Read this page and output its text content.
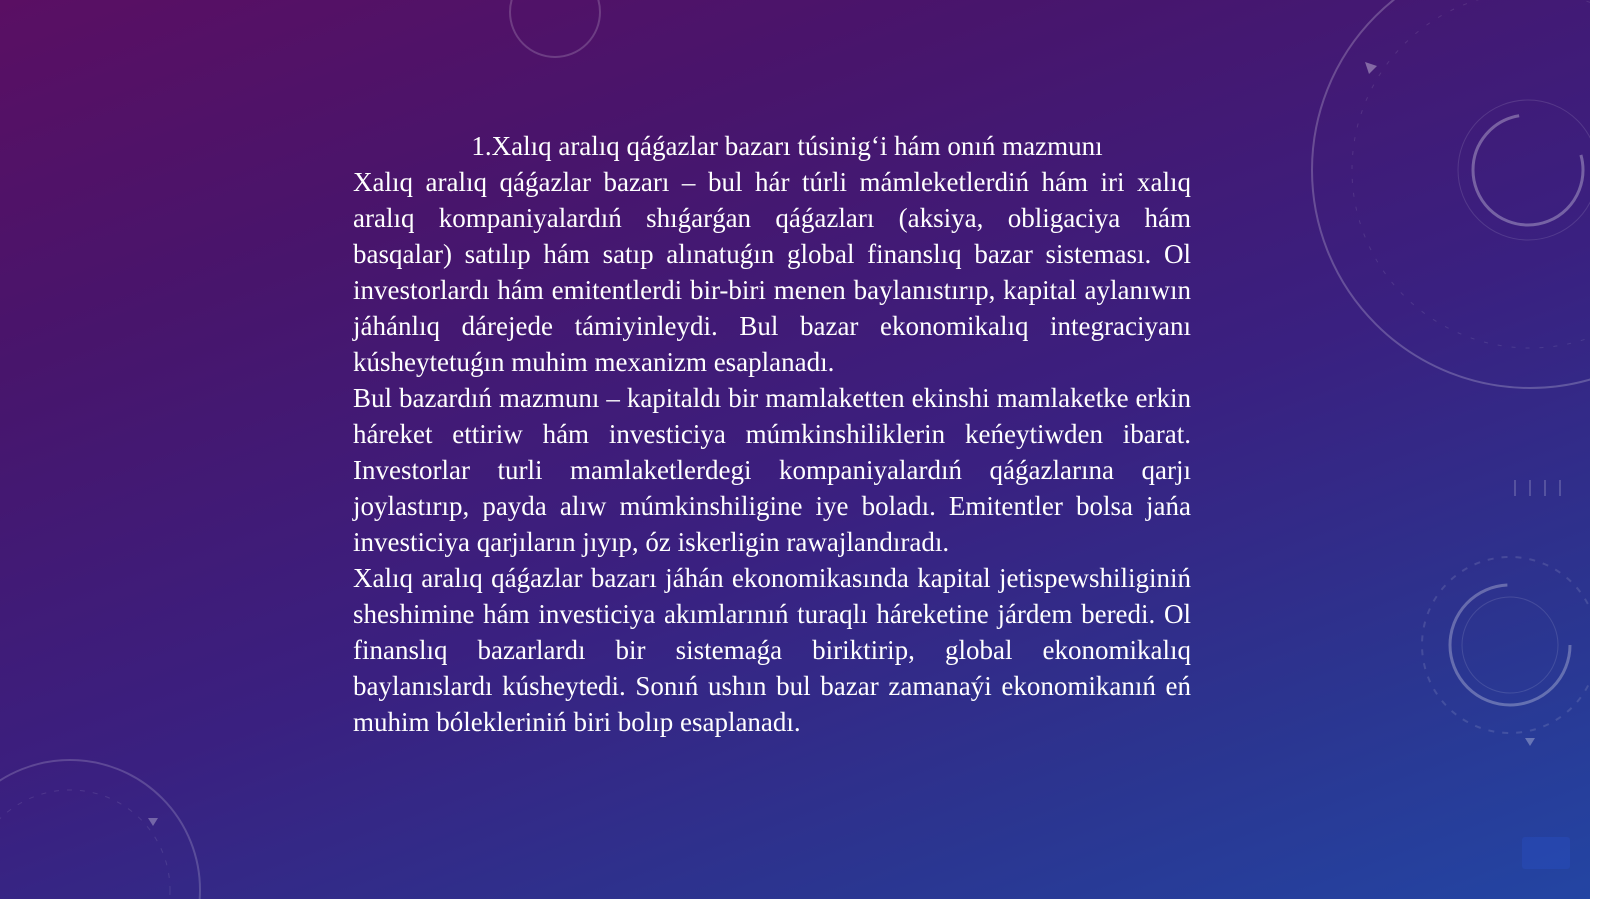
1.Xalıq aralıq qáǵazlar bazarı túsinig‘i hám onıń mazmunı

Xalıq aralıq qáǵazlar bazarı – bul hár túrli mámleketlerdiń hám iri xalıq aralıq kompaniyalardıń shıǵarǵan qáǵazları (aksiya, obligaciya hám basqalar) satılıp hám satıp alınatuǵın global finanslıq bazar sisteması. Ol investorlardı hám emitentlerdi bir-biri menen baylanıstırıp, kapital aylanıwın jáhánlıq dárejede támiyinleydi. Bul bazar ekonomikalıq integraciyanı kúsheytetuǵın muhim mexanizm esaplanadı.

Bul bazardıń mazmunı – kapitaldı bir mamlaketten ekinshi mamlaketke erkin háreket ettiriw hám investiciya múmkinshiliklerin keńeytiwden ibarat. Investorlar turli mamlaketlerdegi kompaniyalardıń qáǵazlarına qarjı joylastırıp, payda alıw múmkinshiligine iye boladı. Emitentler bolsa jańa investiciya qarjıların jıyıp, óz iskerligin rawajlandıradı.

Xalıq aralıq qáǵazlar bazarı jáhán ekonomikasında kapital jetispewshiliginiń sheshimine hám investiciya akımlarınıń turaqlı háreketine járdem beredi. Ol finanslıq bazarlardı bir sistemaǵa biriktirip, global ekonomikalıq baylanıslardı kúsheytedi. Sonıń ushın bul bazar zamanaýi ekonomikanıń eń muhim bólekleriniń biri bolıp esaplanadı.
